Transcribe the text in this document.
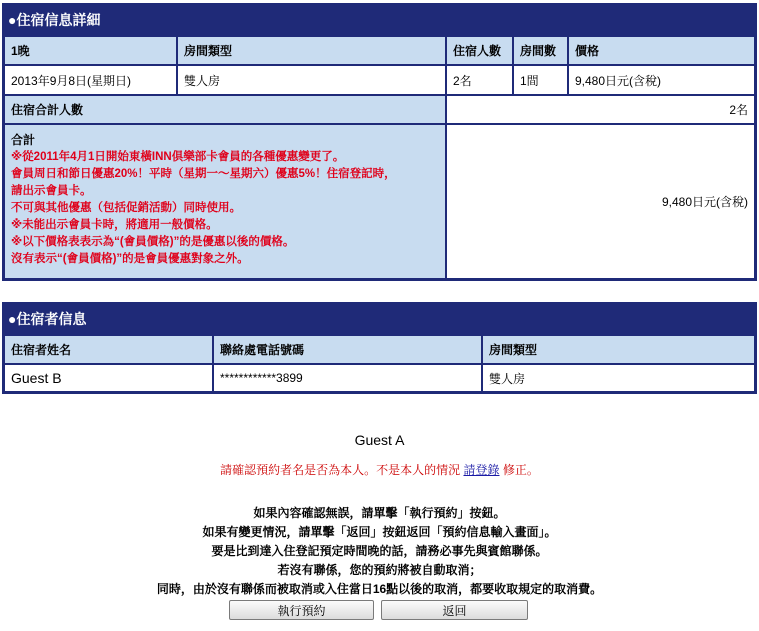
●住宿信息詳細
1晚	房間類型	住宿人數	房間數	價格
2013年9月8日(星期日)	雙人房	2名	1間	9,480日元(含稅)
住宿合計人數	2名
合計
※從2011年4月1日開始東橫INN俱樂部卡會員的各種優惠變更了。
會員周日和節日優惠20%！平時（星期一～星期六）優惠5%！住宿登記時，
請出示會員卡。
不可與其他優惠（包括促銷活動）同時使用。
※未能出示會員卡時，將適用一般價格。
※以下價格表表示為“(會員價格)”的是優惠以後的價格。
沒有表示“(會員價格)”的是會員優惠對象之外。
9,480日元(含稅)
●住宿者信息
住宿者姓名	聯絡處電話號碼	房間類型
Guest B	************3899	雙人房
Guest A
請確認預約者名是否為本人。不是本人的情況 請登錄 修正。
如果內容確認無誤，請單擊「執行預約」按鈕。
如果有變更情況，請單擊「返回」按鈕返回「預約信息輸入畫面」。
要是比到達入住登記預定時間晚的話，請務必事先與賓館聯係。
若沒有聯係，您的預約將被自動取消；
同時，由於沒有聯係而被取消或入住當日16點以後的取消，都要收取規定的取消費。
執行預約	返回
